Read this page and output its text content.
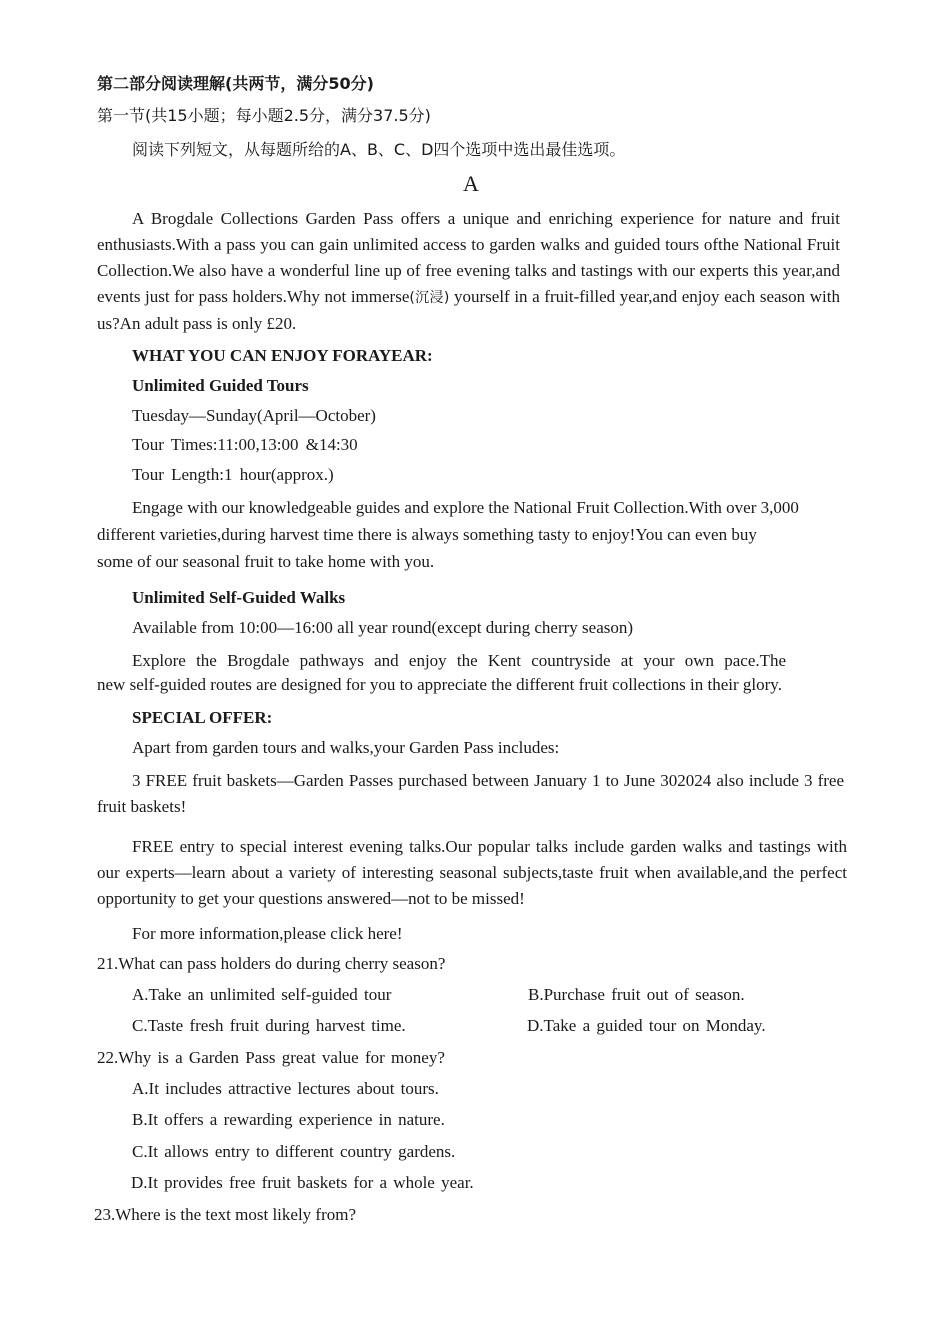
第二部分阅读理解(共两节，满分50分)
第一节(共15小题；每小题2.5分，满分37.5分)
阅读下列短文，从每题所给的A、B、C、D四个选项中选出最佳选项。
A
A Brogdale Collections Garden Pass offers a unique and enriching experience for nature and fruit enthusiasts.With a pass you can gain unlimited access to garden walks and guided tours ofthe National Fruit Collection.We also have a wonderful line up of free evening talks and tastings with our experts this year,and events just for pass holders.Why not immerse(沉浸) yourself in a fruit-filled year,and enjoy each season with us?An adult pass is only £20.
WHAT YOU CAN ENJOY FORAYEAR:
Unlimited Guided Tours
Tuesday—Sunday(April—October)
Tour Times:11:00,13:00 &14:30
Tour Length:1 hour(approx.)
Engage with our knowledgeable guides and explore the National Fruit Collection.With over 3,000
different varieties,during harvest time there is always something tasty to enjoy!You can even buy
some of our seasonal fruit to take home with you.
Unlimited Self-Guided Walks
Available from 10:00—16:00 all year round(except during cherry season)
Explore the Brogdale pathways and enjoy the Kent countryside at your own pace.The
new self-guided routes are designed for you to appreciate the different fruit collections in their glory.
SPECIAL OFFER:
Apart from garden tours and walks,your Garden Pass includes:
3 FREE fruit baskets—Garden Passes purchased between January 1 to June 302024 also include 3 free fruit baskets!
FREE entry to special interest evening talks.Our popular talks include garden walks and tastings with our experts—learn about a variety of interesting seasonal subjects,taste fruit when available,and the perfect opportunity to get your questions answered—not to be missed!
For more information,please click here!
21.What can pass holders do during cherry season?
A.Take an unlimited self-guided tour	B.Purchase fruit out of season.
C.Taste fresh fruit during harvest time.	D.Take a guided tour on Monday.
22.Why is a Garden Pass great value for money?
A.It includes attractive lectures about tours.
B.It offers a rewarding experience in nature.
C.It allows entry to different country gardens.
D.It provides free fruit baskets for a whole year.
23.Where is the text most likely from?
